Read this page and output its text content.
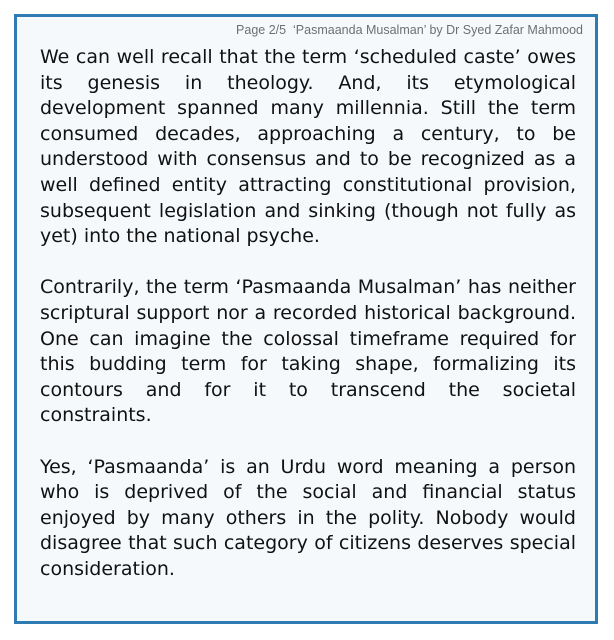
Page 2/5 ‘Pasmaanda Musalman’ by Dr Syed Zafar Mahmood

We can well recall that the term ‘scheduled caste’ owes its genesis in theology. And, its etymological development spanned many millennia. Still the term consumed decades, approaching a century, to be understood with consensus and to be recognized as a well defined entity attracting constitutional provision, subsequent legislation and sinking (though not fully as yet) into the national psyche.

Contrarily, the term ‘Pasmaanda Musalman’ has neither scriptural support nor a recorded historical background. One can imagine the colossal timeframe required for this budding term for taking shape, formalizing its contours and for it to transcend the societal constraints.

Yes, ‘Pasmaanda’ is an Urdu word meaning a person who is deprived of the social and financial status enjoyed by many others in the polity. Nobody would disagree that such category of citizens deserves special consideration.
